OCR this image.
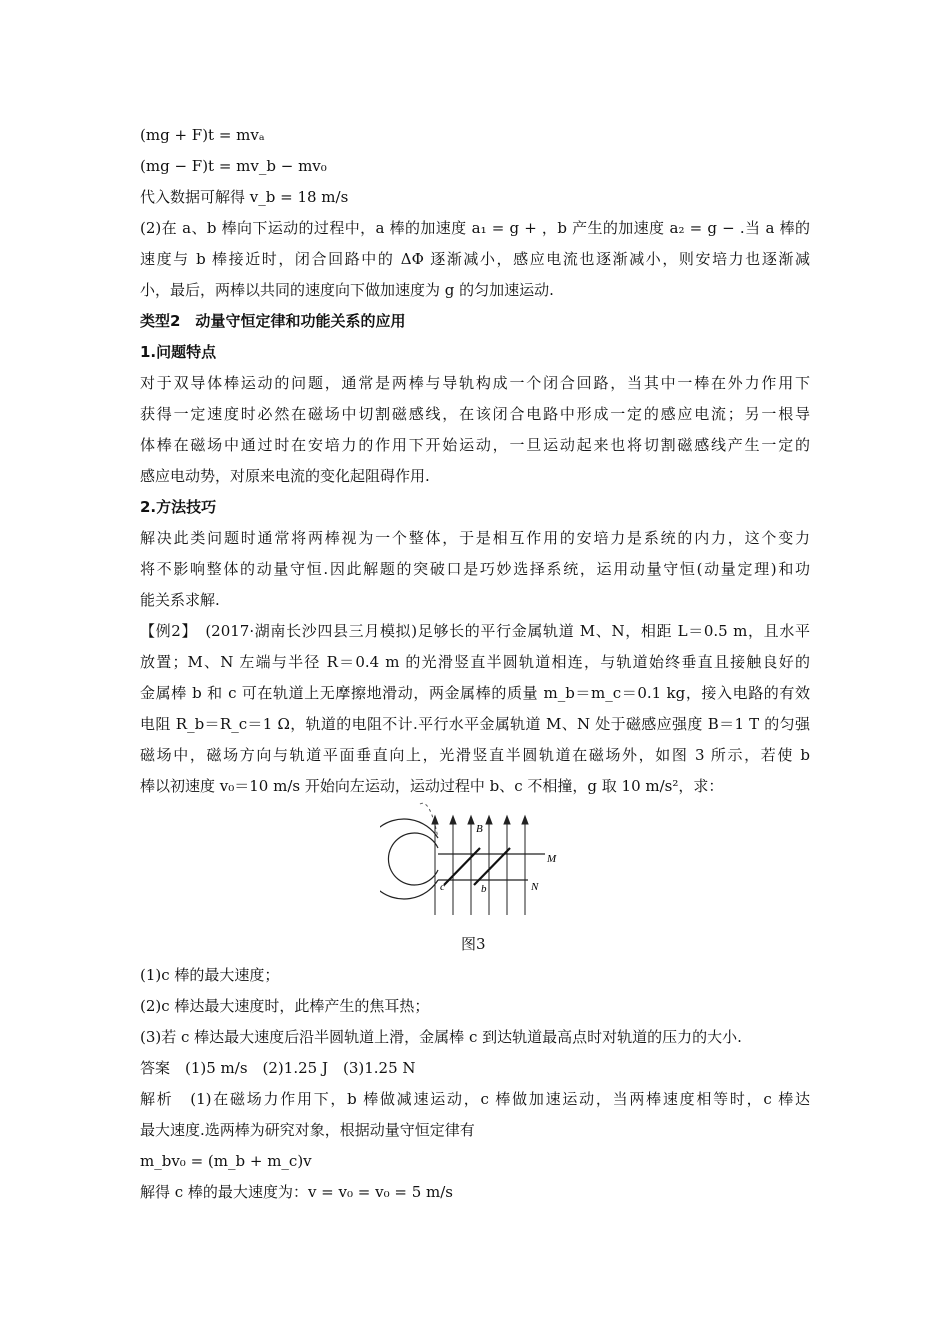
(mg + F)t = mvₐ
(mg − F)t = mv_b − mv₀
代入数据可解得 v_b = 18 m/s
(2)在 a、b 棒向下运动的过程中，a 棒的加速度 a₁ = g + ，b 产生的加速度 a₂ = g − .当 a 棒的
速度与 b 棒接近时，闭合回路中的 ΔΦ 逐渐减小，感应电流也逐渐减小，则安培力也逐渐减
小，最后，两棒以共同的速度向下做加速度为 g 的匀加速运动.
类型2　动量守恒定律和功能关系的应用
1.问题特点
对于双导体棒运动的问题，通常是两棒与导轨构成一个闭合回路，当其中一棒在外力作用下
获得一定速度时必然在磁场中切割磁感线，在该闭合电路中形成一定的感应电流；另一根导
体棒在磁场中通过时在安培力的作用下开始运动，一旦运动起来也将切割磁感线产生一定的
感应电动势，对原来电流的变化起阻碍作用.
2.方法技巧
解决此类问题时通常将两棒视为一个整体，于是相互作用的安培力是系统的内力，这个变力
将不影响整体的动量守恒.因此解题的突破口是巧妙选择系统，运用动量守恒(动量定理)和功
能关系求解.
【例2】　(2017·湖南长沙四县三月模拟)足够长的平行金属轨道 M、N，相距 L＝0.5 m，且水平
放置；M、N 左端与半径 R＝0.4 m 的光滑竖直半圆轨道相连，与轨道始终垂直且接触良好的
金属棒 b 和 c 可在轨道上无摩擦地滑动，两金属棒的质量 m_b＝m_c＝0.1 kg，接入电路的有效
电阻 R_b＝R_c＝1 Ω，轨道的电阻不计.平行水平金属轨道 M、N 处于磁感应强度 B＝1 T 的匀强
磁场中，磁场方向与轨道平面垂直向上，光滑竖直半圆轨道在磁场外，如图 3 所示，若使 b
棒以初速度 v₀＝10 m/s 开始向左运动，运动过程中 b、c 不相撞，g 取 10 m/s²，求：
B
M
N
c	b
图3
(1)c 棒的最大速度；
(2)c 棒达最大速度时，此棒产生的焦耳热；
(3)若 c 棒达最大速度后沿半圆轨道上滑，金属棒 c 到达轨道最高点时对轨道的压力的大小.
答案　(1)5 m/s　(2)1.25 J　(3)1.25 N
解析　(1)在磁场力作用下，b 棒做减速运动，c 棒做加速运动，当两棒速度相等时，c 棒达
最大速度.选两棒为研究对象，根据动量守恒定律有
m_bv₀ = (m_b + m_c)v
解得 c 棒的最大速度为：v = v₀ = v₀ = 5 m/s
